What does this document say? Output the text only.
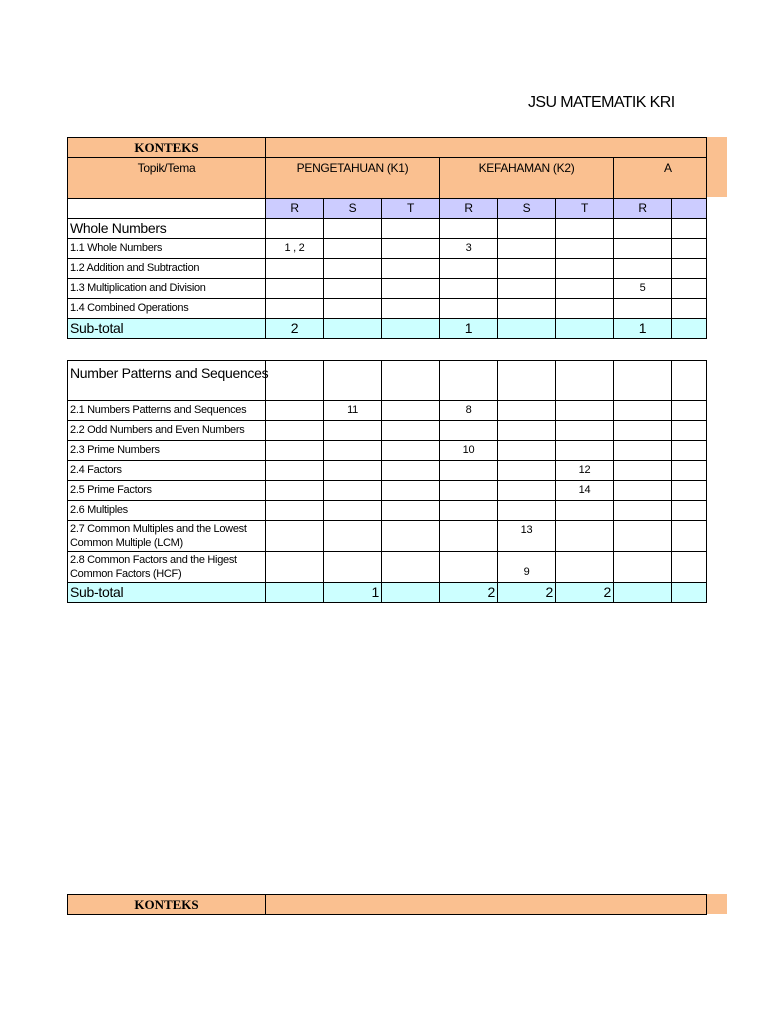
JSU MATEMATIK KRI
KONTEKS								
Topik/Tema	PENGETAHUAN (K1)			KEFAHAMAN (K2)			A	

	R	S	T	R	S	T	R	
Whole Numbers								
1.1 Whole Numbers	1 , 2			3				
1.2 Addition and Subtraction								
1.3 Multiplication and Division							5	
1.4 Combined Operations								
Sub-total	2			1			1	
Number Patterns and Sequences								
2.1 Numbers Patterns and Sequences		11		8				
2.2 Odd Numbers and Even Numbers								
2.3 Prime Numbers				10				
2.4 Factors						12		
2.5 Prime Factors						14		
2.6 Multiples								
2.7 Common Multiples and the Lowest Common Multiple (LCM)					13			
2.8 Common Factors and the Higest Common Factors (HCF)					9			
Sub-total		1		2	2	2		
KONTEKS	
